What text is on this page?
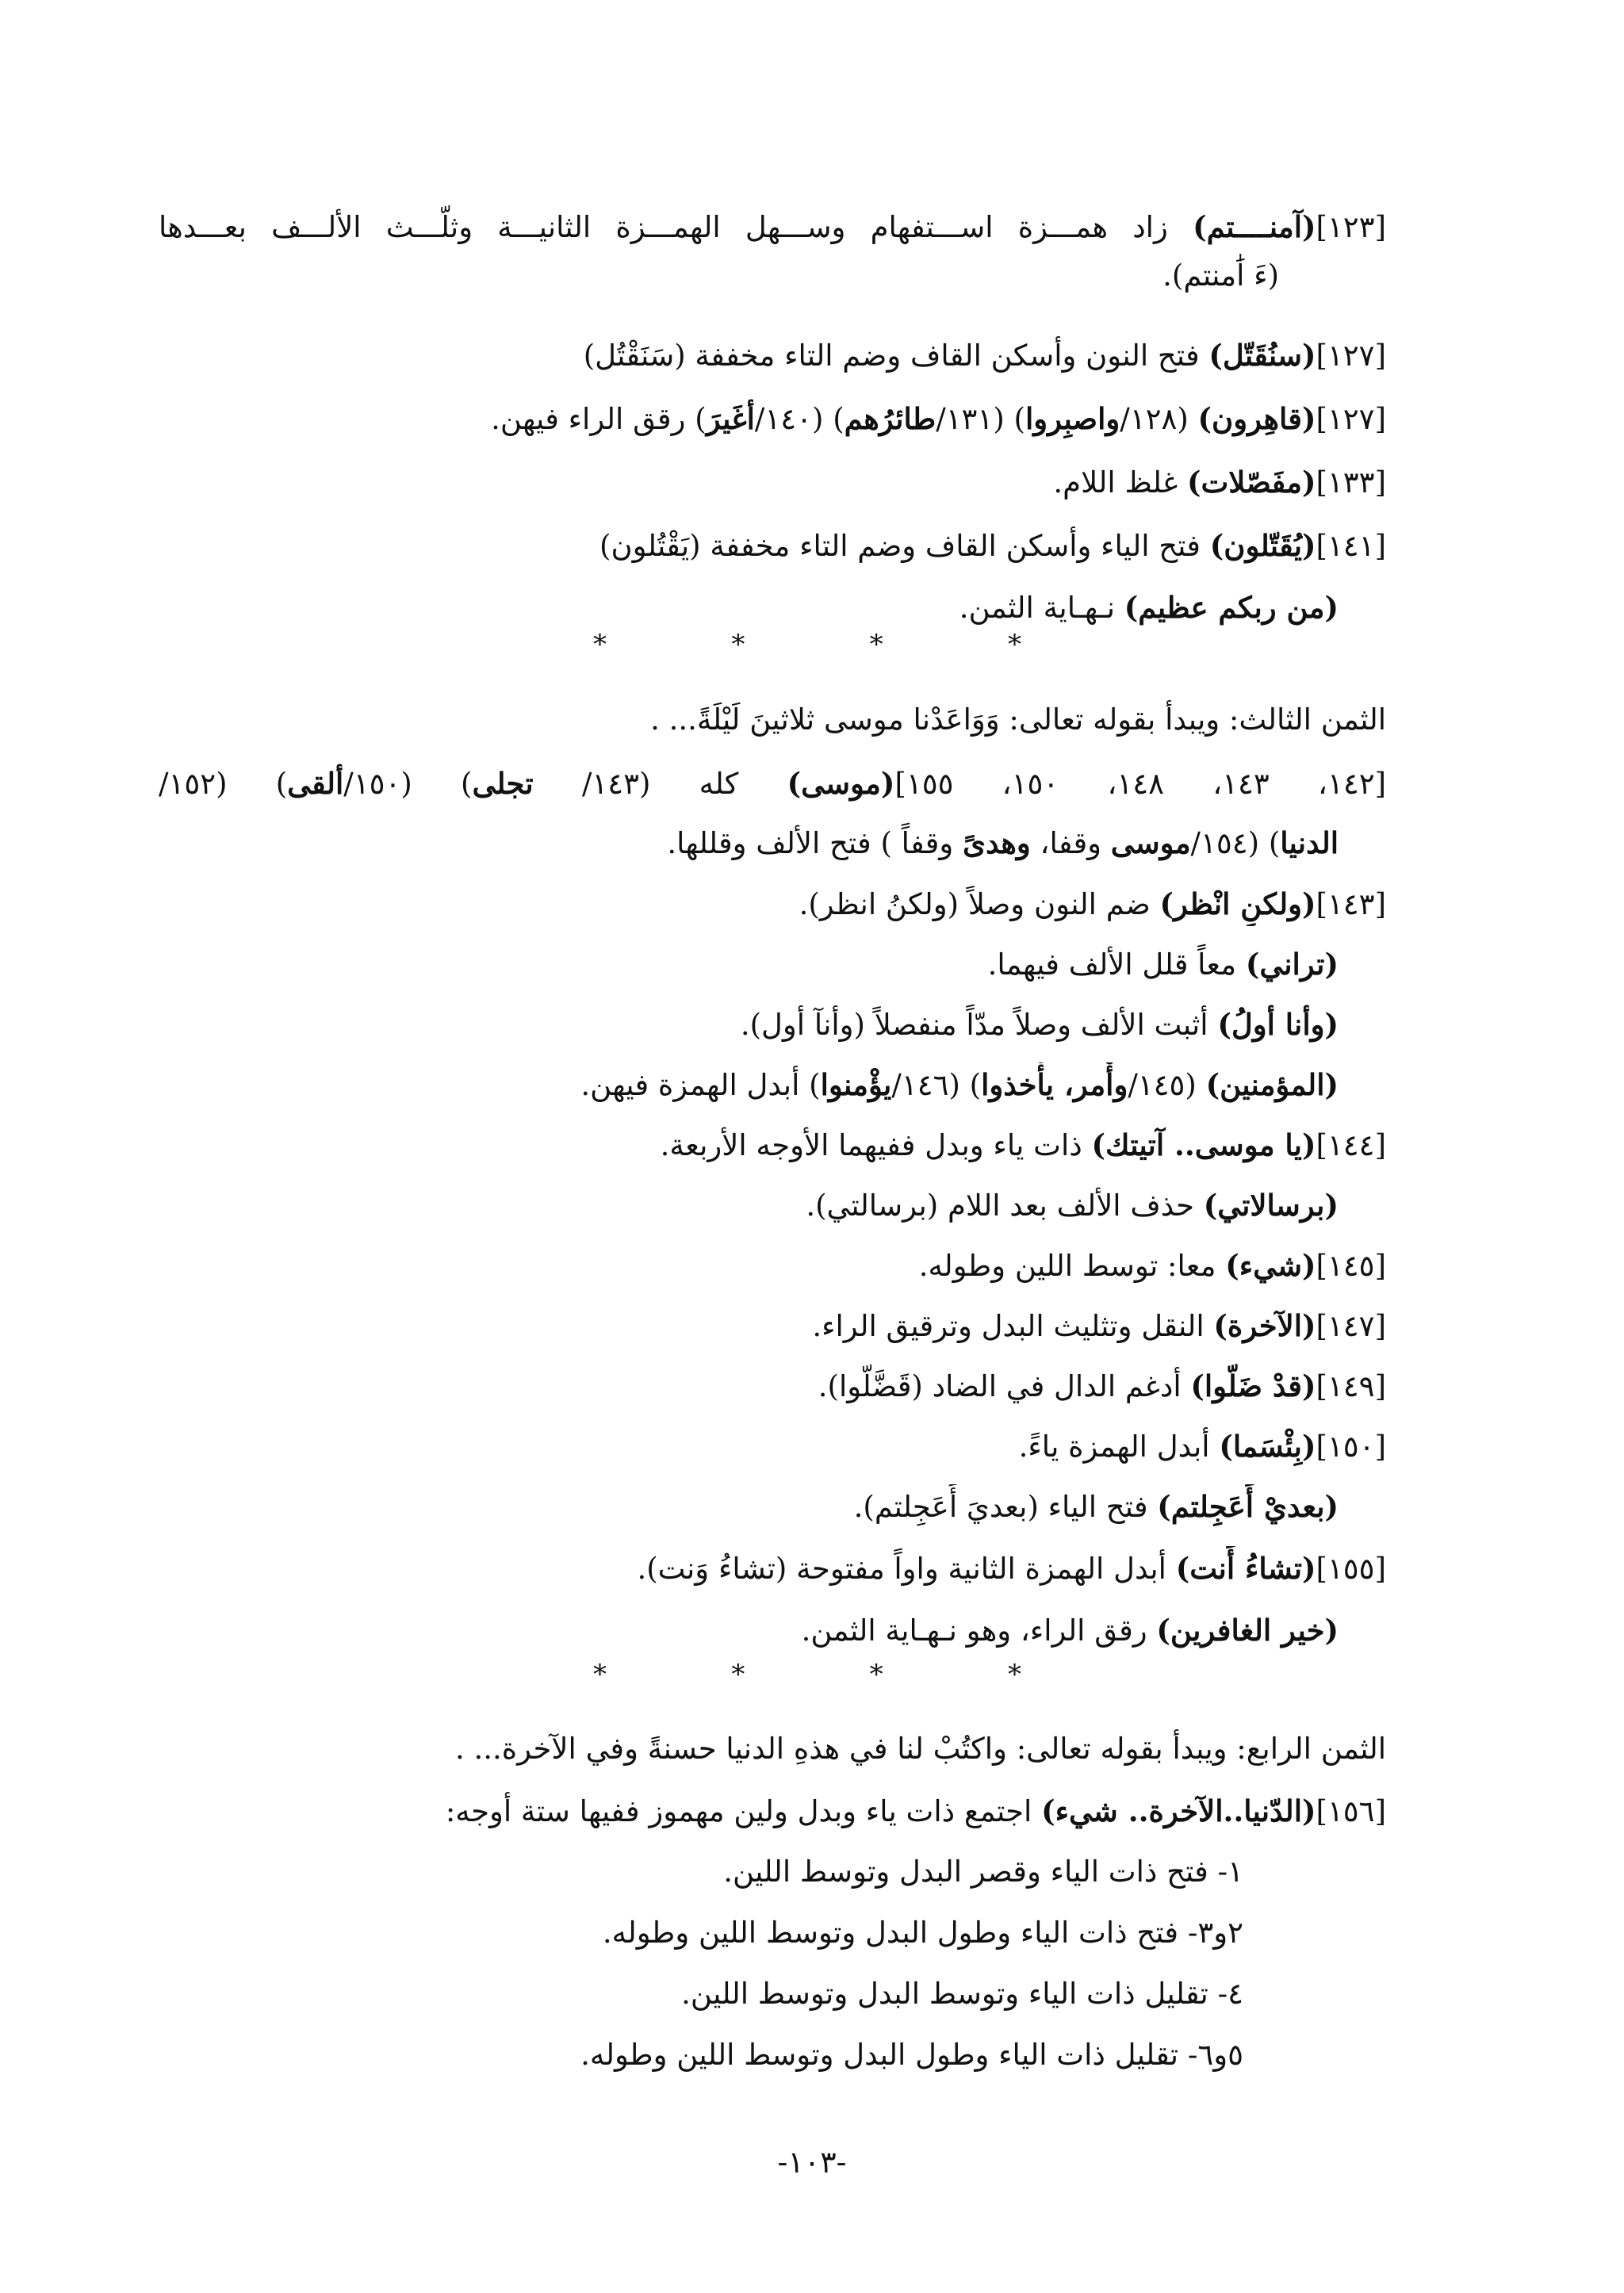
[١٢٣](آمنــــتم) زاد همـــزة اســـتفهام وســـهل الهمـــزة الثانيـــة وثلّـــث الألـــف بعـــدها
(ءَ اَٰمنتم).
[١٢٧](سنُقَتّل) فتح النون وأسكن القاف وضم التاء مخففة (سَنَقْتُل)
[١٢٧](قاهِرون) (١٢٨/واصبِروا) (١٣١/طائرُهم) (١٤٠/أغَيرَ) رقق الراء فيهن.
[١٣٣](مفَصّلات) غلظ اللام.
[١٤١](يُقَتّلون) فتح الياء وأسكن القاف وضم التاء مخففة (يَقْتُلون)
(من ربكم عظيم) نـهـاية الثمن.
*
*
*
*
الثمن الثالث: ويبدأ بقوله تعالى: وَوَاعَدْنا موسى ثلاثينَ لَيْلَةً... .
[١٤٢، ١٤٣، ١٤٨، ١٥٠، ١٥٥](موسى) كله (١٤٣/ تجلى) (١٥٠/ألقى) (١٥٢/
الدنيا) (١٥٤/موسى وقفا، وهدىً وقفاً ) فتح الألف وقللها.
[١٤٣](ولكنِ انْظر) ضم النون وصلاً (ولكنُ انظر).
(تراني) معاً قلل الألف فيهما.
(وأنا أولُ) أثبت الألف وصلاً مدّاً منفصلاً (وأنآ أول).
(المؤمنين) (١٤٥/وأْمر، يأْخذوا) (١٤٦/يؤْمنوا) أبدل الهمزة فيهن.
[١٤٤](يا موسى.. آتيتك) ذات ياء وبدل ففيهما الأوجه الأربعة.
(برسالاتي) حذف الألف بعد اللام (برسالتي).
[١٤٥](شيء) معا: توسط اللين وطوله.
[١٤٧](الآخرة) النقل وتثليث البدل وترقيق الراء.
[١٤٩](قدْ ضَلّوا) أدغم الدال في الضاد (قَضَّلُّوا).
[١٥٠](بِئْسَما) أبدل الهمزة ياءً.
(بعديْ أَعَجِلتم) فتح الياء (بعديَ أَعَجِلتم).
[١٥٥](تشاءُ أَنت) أبدل الهمزة الثانية واواً مفتوحة (تشاءُ وَنت).
(خير الغافرين) رقق الراء، وهو نـهـاية الثمن.
*
*
*
*
الثمن الرابع: ويبدأ بقوله تعالى: واكتُبْ لنا في هذهِ الدنيا حسنةً وفي الآخرة... .
[١٥٦](الدّنيا..الآخرة.. شيء) اجتمع ذات ياء وبدل ولين مهموز ففيها ستة أوجه:
١- فتح ذات الياء وقصر البدل وتوسط اللين.
٢و٣- فتح ذات الياء وطول البدل وتوسط اللين وطوله.
٤- تقليل ذات الياء وتوسط البدل وتوسط اللين.
٥و٦- تقليل ذات الياء وطول البدل وتوسط اللين وطوله.
-١٠٣-
